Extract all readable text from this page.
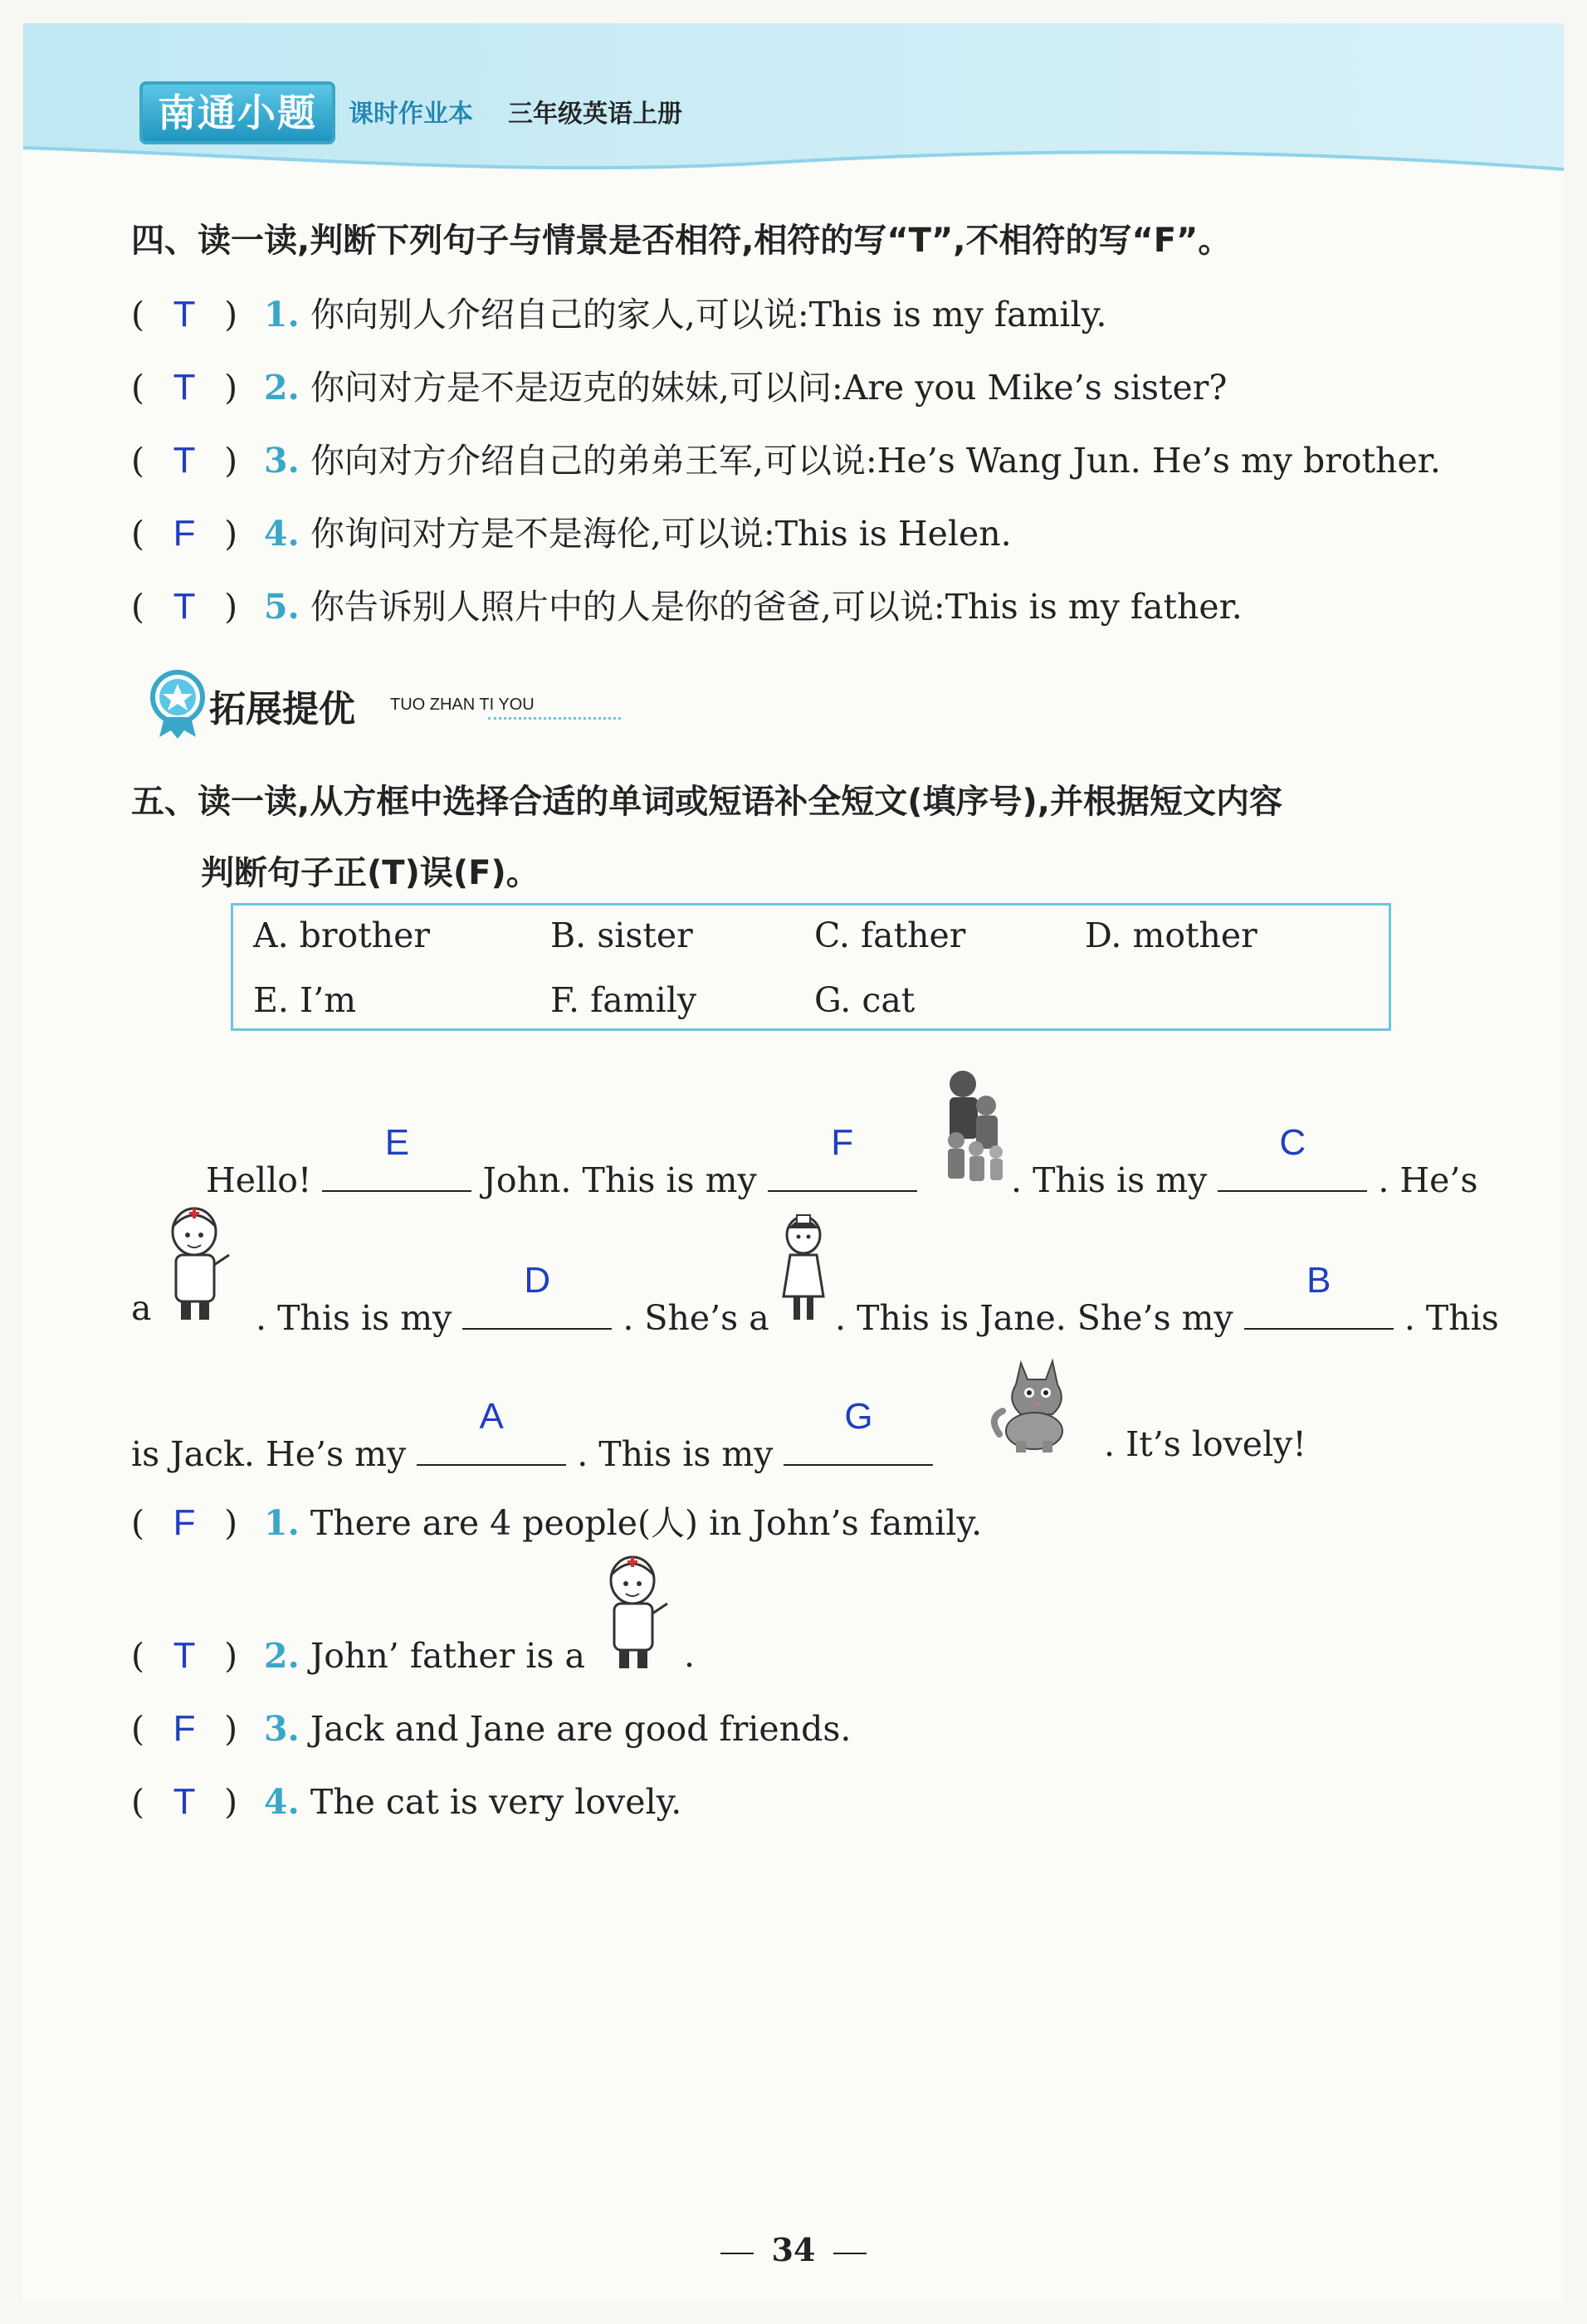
南通小题	课时作业本 三年级英语上册
四、读一读,判断下列句子与情景是否相符,相符的写“T”,不相符的写“F”。
( T ) 1. 你向别人介绍自己的家人,可以说:This is my family.
( T ) 2. 你问对方是不是迈克的妹妹,可以问:Are you Mike’s sister?
( T ) 3. 你向对方介绍自己的弟弟王军,可以说:He’s Wang Jun. He’s my brother.
( F ) 4. 你询问对方是不是海伦,可以说:This is Helen.
( T ) 5. 你告诉别人照片中的人是你的爸爸,可以说:This is my father.
拓展提优 TUO ZHAN TI YOU
五、读一读,从方框中选择合适的单词或短语补全短文(填序号),并根据短文内容
判断句子正(T)误(F)。
A. brother	B. sister	C. father	D. mother
E. I’m	F. family	G. cat
Hello!
E
John. This is my
F
. This is my
C
. He’s
a	. This is my
D
. She’s a . This is Jane. She’s my
B
. This
is Jack. He’s my
A
. This is my
G
. It’s lovely!
( F ) 1. There are 4 people(人) in John’s family.
( T ) 2. John’ father is a	.
( F ) 3. Jack and Jane are good friends.
( T ) 4. The cat is very lovely.
34
